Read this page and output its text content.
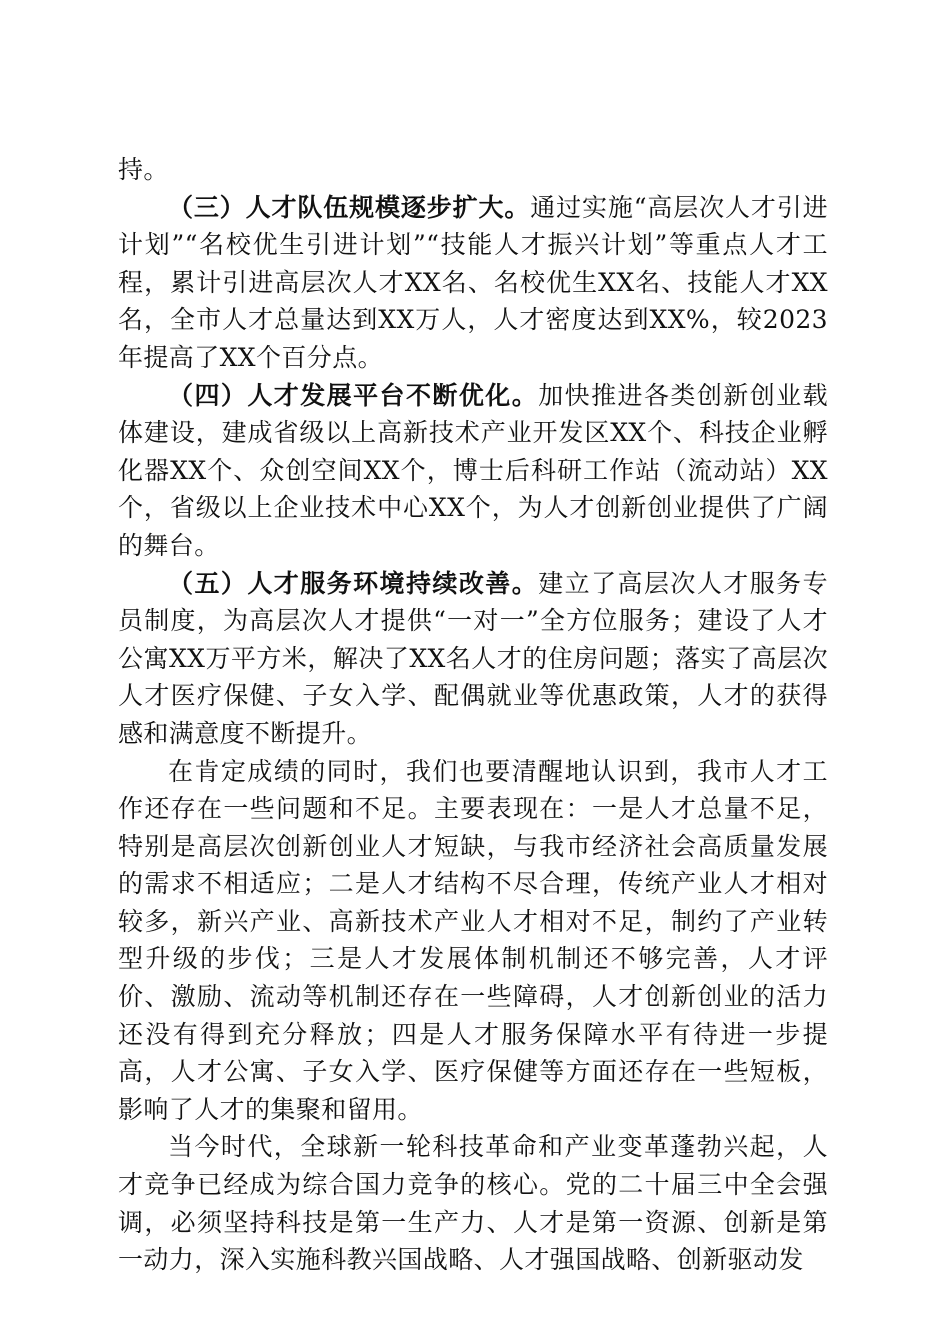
持。

（三）人才队伍规模逐步扩大。通过实施“高层次人才引进计划”“名校优生引进计划”“技能人才振兴计划”等重点人才工程，累计引进高层次人才XX名、名校优生XX名、技能人才XX名，全市人才总量达到XX万人，人才密度达到XX%，较2023年提高了XX个百分点。

（四）人才发展平台不断优化。加快推进各类创新创业载体建设，建成省级以上高新技术产业开发区XX个、科技企业孵化器XX个、众创空间XX个，博士后科研工作站（流动站）XX个，省级以上企业技术中心XX个，为人才创新创业提供了广阔的舞台。

（五）人才服务环境持续改善。建立了高层次人才服务专员制度，为高层次人才提供“一对一”全方位服务；建设了人才公寓XX万平方米，解决了XX名人才的住房问题；落实了高层次人才医疗保健、子女入学、配偶就业等优惠政策，人才的获得感和满意度不断提升。

在肯定成绩的同时，我们也要清醒地认识到，我市人才工作还存在一些问题和不足。主要表现在：一是人才总量不足，特别是高层次创新创业人才短缺，与我市经济社会高质量发展的需求不相适应；二是人才结构不尽合理，传统产业人才相对较多，新兴产业、高新技术产业人才相对不足，制约了产业转型升级的步伐；三是人才发展体制机制还不够完善，人才评价、激励、流动等机制还存在一些障碍，人才创新创业的活力还没有得到充分释放；四是人才服务保障水平有待进一步提高，人才公寓、子女入学、医疗保健等方面还存在一些短板，影响了人才的集聚和留用。

当今时代，全球新一轮科技革命和产业变革蓬勃兴起，人才竞争已经成为综合国力竞争的核心。党的二十届三中全会强调，必须坚持科技是第一生产力、人才是第一资源、创新是第一动力，深入实施科教兴国战略、人才强国战略、创新驱动发
